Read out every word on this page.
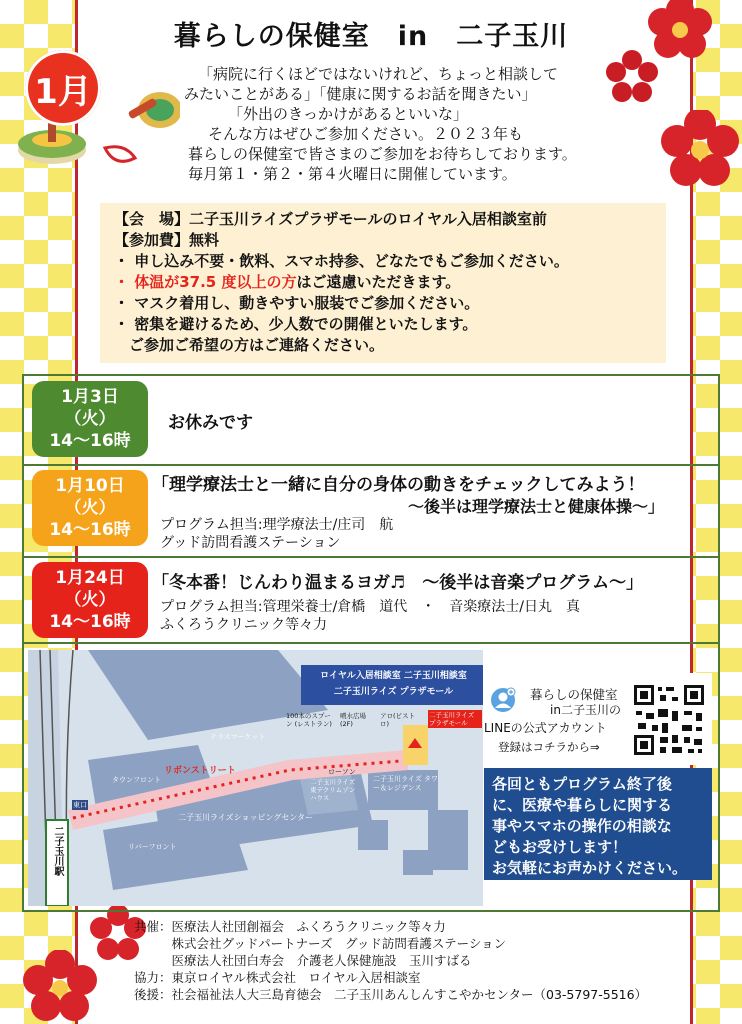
暮らしの保健室　in　二子玉川
1月	「病院に行くほどではないけれど、ちょっと相談して
みたいことがある」「健康に関するお話を聞きたい」
「外出のきっかけがあるといいな」
そんな方はぜひご参加ください。２０２３年も
暮らしの保健室で皆さまのご参加をお待ちしております。
毎月第１・第２・第４火曜日に開催しています。
【会　場】二子玉川ライズプラザモールのロイヤル入居相談室前
【参加費】無料
・ 申し込み不要・飲料、スマホ持参、どなたでもご参加ください。
・ 体温が37.5 度以上の方はご遠慮いただきます。
・ マスク着用し、動きやすい服装でご参加ください。
・ 密集を避けるため、少人数での開催といたします。
　ご参加ご希望の方はご連絡ください。
1月3日
（火）
14～16時
お休みです
1月10日
（火）
14～16時
「理学療法士と一緒に自分の身体の動きをチェックしてみよう！
～後半は理学療法士と健康体操～」
プログラム担当:理学療法士/庄司　航
グッド訪問看護ステーション
1月24日
（火）
14～16時
「冬本番！じんわり温まるヨガ♬　～後半は音楽プログラム～」
プログラム担当:管理栄養士/倉橋　道代　・　音楽療法士/日丸　真
ふくろうクリニック等々力
ロイヤル入居相談室 二子玉川相談室
二子玉川ライズ プラザモール
リボンストリート
二子玉川ライズショッピングセンター
二子玉川駅
東口
タウンフロント
リバーフロント
テラスマーケット
ローソン
二子玉川ライズ タワー＆レジデンス
100本のスプーン (レストラン)
噴水広場 (2F)
アロ(ビストロ)
二子玉川ライズ プラザモール
二子玉川ライズ 東デクリムゾンハウス
暮らしの保健室
in二子玉川の
LINEの公式アカウント
登録はコチラから⇒
各回ともプログラム終了後
に、医療や暮らしに関する
事やスマホの操作の相談な
どもお受けします！
お気軽にお声かけください。
共催：医療法人社団創福会　ふくろうクリニック等々力
　　　株式会社グッドパートナーズ　グッド訪問看護ステーション
　　　医療法人社団白寿会　介護老人保健施設　玉川すばる
協力：東京ロイヤル株式会社　ロイヤル入居相談室
後援：社会福祉法人大三島育徳会　二子玉川あんしんすこやかセンター（03-5797-5516）
